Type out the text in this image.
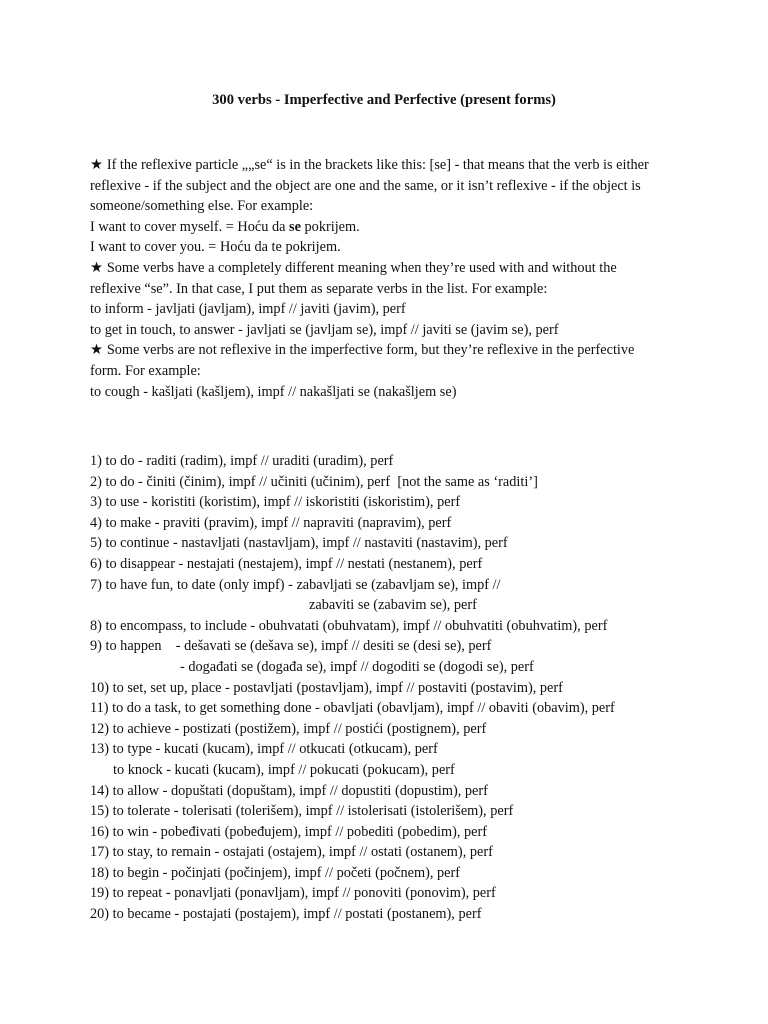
300 verbs - Imperfective and Perfective (present forms)

★ If the reflexive particle „„se“ is in the brackets like this: [se] - that means that the verb is either

reflexive - if the subject and the object are one and the same, or it isn’t reflexive - if the object is

someone/something else. For example:

I want to cover myself. = Hoću da se pokrijem.

I want to cover you. = Hoću da te pokrijem.

★ Some verbs have a completely different meaning when they’re used with and without the

reflexive “se”. In that case, I put them as separate verbs in the list. For example:

to inform - javljati (javljam), impf // javiti (javim), perf

to get in touch, to answer - javljati se (javljam se), impf // javiti se (javim se), perf

★ Some verbs are not reflexive in the imperfective form, but they’re reflexive in the perfective

form. For example:

to cough - kašljati (kašljem), impf // nakašljati se (nakašljem se)

1) to do - raditi (radim), impf // uraditi (uradim), perf

2) to do - činiti (činim), impf // učiniti (učinim), perf  [not the same as ‘raditi’]

3) to use - koristiti (koristim), impf // iskoristiti (iskoristim), perf

4) to make - praviti (pravim), impf // napraviti (napravim), perf

5) to continue - nastavljati (nastavljam), impf // nastaviti (nastavim), perf

6) to disappear - nestajati (nestajem), impf // nestati (nestanem), perf

7) to have fun, to date (only impf) - zabavljati se (zabavljam se), impf //

zabaviti se (zabavim se), perf

8) to encompass, to include - obuhvatati (obuhvatam), impf // obuhvatiti (obuhvatim), perf

9) to happen    - dešavati se (dešava se), impf // desiti se (desi se), perf

- događati se (događa se), impf // dogoditi se (dogodi se), perf

10) to set, set up, place - postavljati (postavljam), impf // postaviti (postavim), perf

11) to do a task, to get something done - obavljati (obavljam), impf // obaviti (obavim), perf

12) to achieve - postizati (postižem), impf // postići (postignem), perf

13) to type - kucati (kucam), impf // otkucati (otkucam), perf

to knock - kucati (kucam), impf // pokucati (pokucam), perf

14) to allow - dopuštati (dopuštam), impf // dopustiti (dopustim), perf

15) to tolerate - tolerisati (tolerišem), impf // istolerisati (istolerišem), perf

16) to win - pobeđivati (pobeđujem), impf // pobediti (pobedim), perf

17) to stay, to remain - ostajati (ostajem), impf // ostati (ostanem), perf

18) to begin - počinjati (počinjem), impf // početi (počnem), perf

19) to repeat - ponavljati (ponavljam), impf // ponoviti (ponovim), perf

20) to became - postajati (postajem), impf // postati (postanem), perf
